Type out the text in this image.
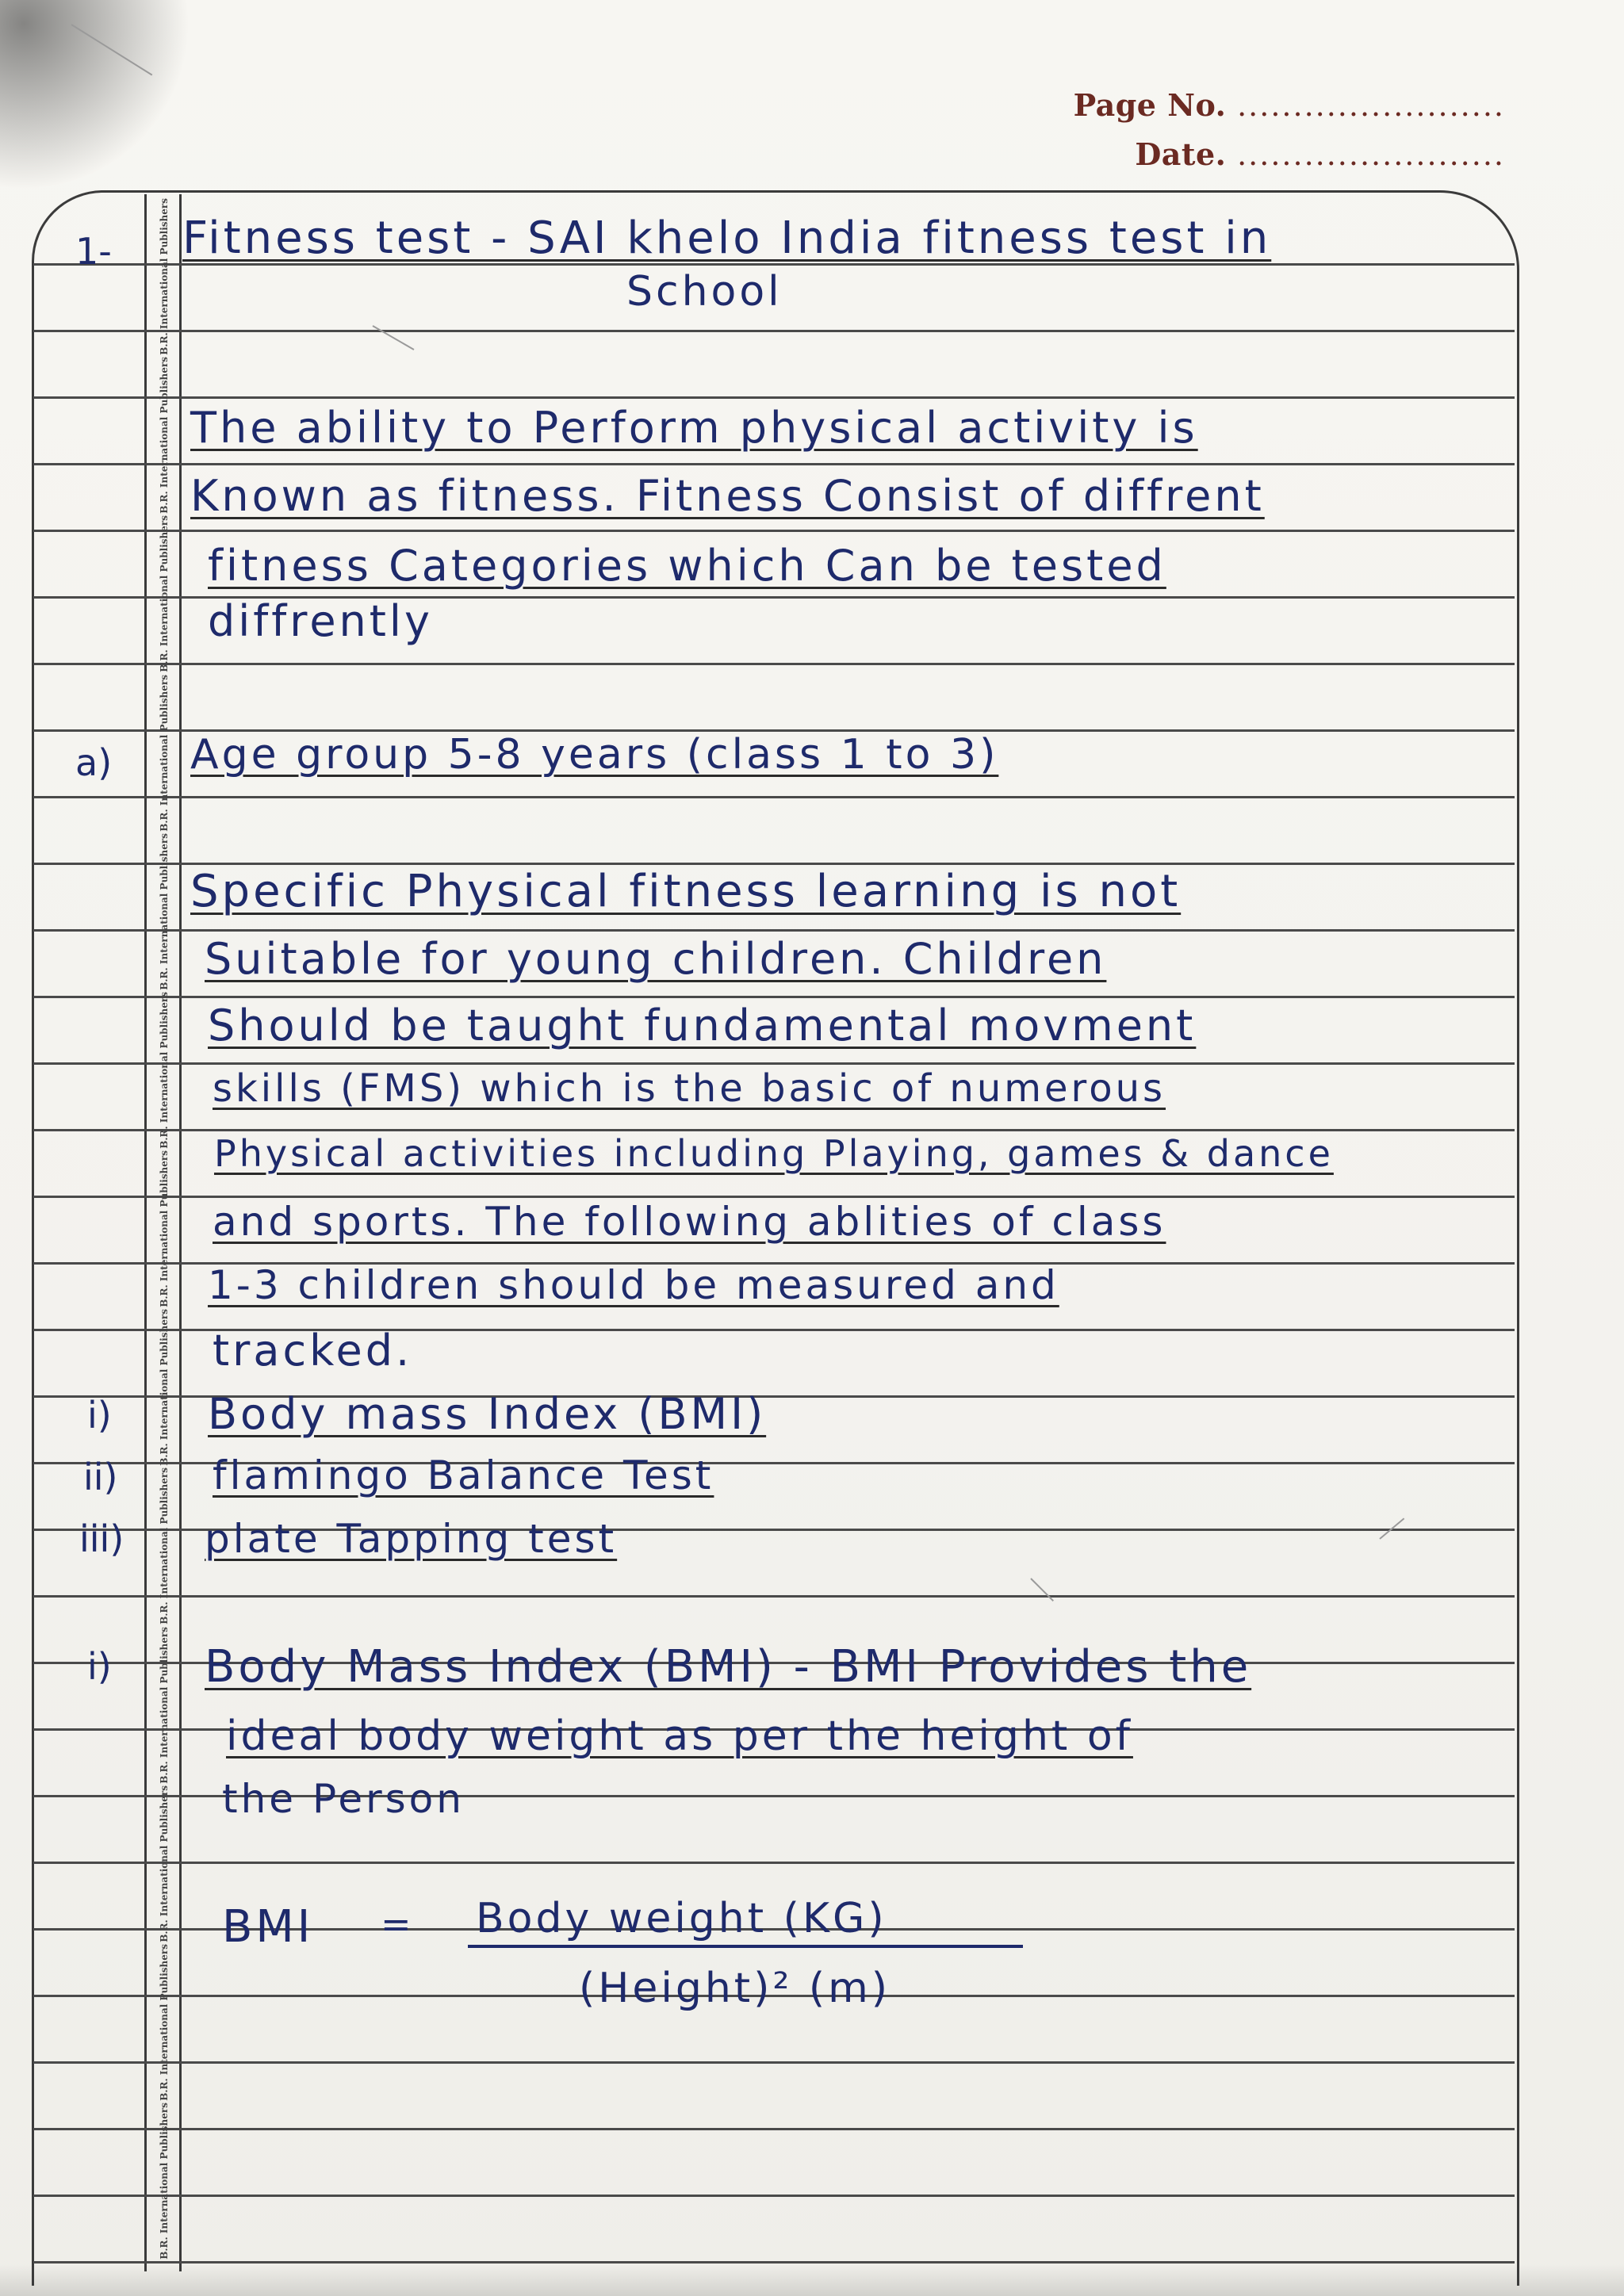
Page No. ........................
Date. ........................
B.R. International Publishers
B.R. International Publishers
B.R. International Publishers
B.R. International Publishers
B.R. International Publishers
B.R. International Publishers
B.R. International Publishers
B.R. International Publishers
B.R. International Publishers
B.R. International Publishers
B.R. International Publishers
B.R. International Publishers
B.R. International Publishers
1- Fitness test - SAI khelo India fitness test in
School
The ability to Perform physical activity is
Known as fitness. Fitness Consist of diffrent
fitness Categories which Can be tested
diffrently
a) Age group 5-8 years (class 1 to 3)
Specific Physical fitness learning is not
Suitable for young children. Children
Should be taught fundamental movment
skills (FMS) which is the basic of numerous
Physical activities including Playing, games & dance
and sports. The following ablities of class
1-3 children should be measured and
tracked.
i) Body mass Index (BMI)
ii) flamingo Balance Test
iii) plate Tapping test
i) Body Mass Index (BMI) - BMI Provides the
ideal body weight as per the height of
the Person
BMI = Body weight (KG)
(Height)² (m)
